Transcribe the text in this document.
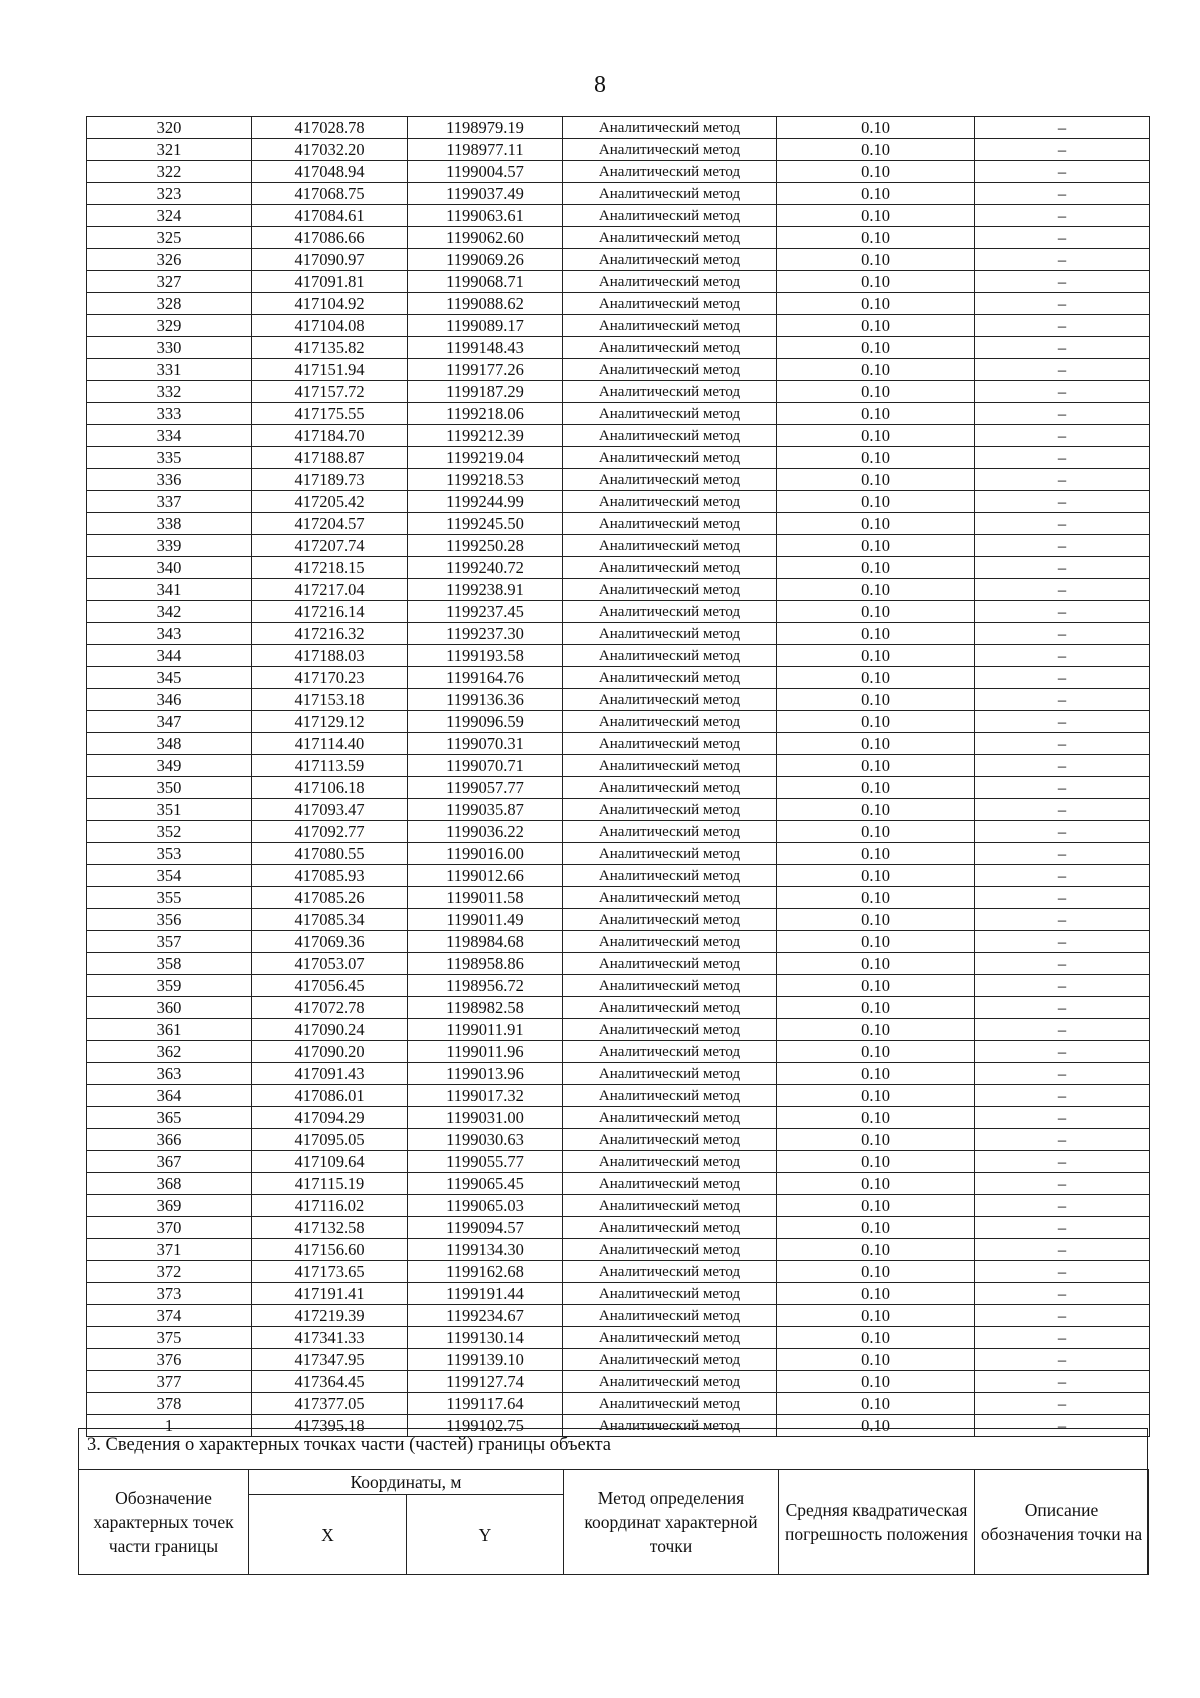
8
320	417028.78	1198979.19	Аналитический метод	0.10	–
321	417032.20	1198977.11	Аналитический метод	0.10	–
322	417048.94	1199004.57	Аналитический метод	0.10	–
323	417068.75	1199037.49	Аналитический метод	0.10	–
324	417084.61	1199063.61	Аналитический метод	0.10	–
325	417086.66	1199062.60	Аналитический метод	0.10	–
326	417090.97	1199069.26	Аналитический метод	0.10	–
327	417091.81	1199068.71	Аналитический метод	0.10	–
328	417104.92	1199088.62	Аналитический метод	0.10	–
329	417104.08	1199089.17	Аналитический метод	0.10	–
330	417135.82	1199148.43	Аналитический метод	0.10	–
331	417151.94	1199177.26	Аналитический метод	0.10	–
332	417157.72	1199187.29	Аналитический метод	0.10	–
333	417175.55	1199218.06	Аналитический метод	0.10	–
334	417184.70	1199212.39	Аналитический метод	0.10	–
335	417188.87	1199219.04	Аналитический метод	0.10	–
336	417189.73	1199218.53	Аналитический метод	0.10	–
337	417205.42	1199244.99	Аналитический метод	0.10	–
338	417204.57	1199245.50	Аналитический метод	0.10	–
339	417207.74	1199250.28	Аналитический метод	0.10	–
340	417218.15	1199240.72	Аналитический метод	0.10	–
341	417217.04	1199238.91	Аналитический метод	0.10	–
342	417216.14	1199237.45	Аналитический метод	0.10	–
343	417216.32	1199237.30	Аналитический метод	0.10	–
344	417188.03	1199193.58	Аналитический метод	0.10	–
345	417170.23	1199164.76	Аналитический метод	0.10	–
346	417153.18	1199136.36	Аналитический метод	0.10	–
347	417129.12	1199096.59	Аналитический метод	0.10	–
348	417114.40	1199070.31	Аналитический метод	0.10	–
349	417113.59	1199070.71	Аналитический метод	0.10	–
350	417106.18	1199057.77	Аналитический метод	0.10	–
351	417093.47	1199035.87	Аналитический метод	0.10	–
352	417092.77	1199036.22	Аналитический метод	0.10	–
353	417080.55	1199016.00	Аналитический метод	0.10	–
354	417085.93	1199012.66	Аналитический метод	0.10	–
355	417085.26	1199011.58	Аналитический метод	0.10	–
356	417085.34	1199011.49	Аналитический метод	0.10	–
357	417069.36	1198984.68	Аналитический метод	0.10	–
358	417053.07	1198958.86	Аналитический метод	0.10	–
359	417056.45	1198956.72	Аналитический метод	0.10	–
360	417072.78	1198982.58	Аналитический метод	0.10	–
361	417090.24	1199011.91	Аналитический метод	0.10	–
362	417090.20	1199011.96	Аналитический метод	0.10	–
363	417091.43	1199013.96	Аналитический метод	0.10	–
364	417086.01	1199017.32	Аналитический метод	0.10	–
365	417094.29	1199031.00	Аналитический метод	0.10	–
366	417095.05	1199030.63	Аналитический метод	0.10	–
367	417109.64	1199055.77	Аналитический метод	0.10	–
368	417115.19	1199065.45	Аналитический метод	0.10	–
369	417116.02	1199065.03	Аналитический метод	0.10	–
370	417132.58	1199094.57	Аналитический метод	0.10	–
371	417156.60	1199134.30	Аналитический метод	0.10	–
372	417173.65	1199162.68	Аналитический метод	0.10	–
373	417191.41	1199191.44	Аналитический метод	0.10	–
374	417219.39	1199234.67	Аналитический метод	0.10	–
375	417341.33	1199130.14	Аналитический метод	0.10	–
376	417347.95	1199139.10	Аналитический метод	0.10	–
377	417364.45	1199127.74	Аналитический метод	0.10	–
378	417377.05	1199117.64	Аналитический метод	0.10	–
1	417395.18	1199102.75	Аналитический метод	0.10	–
3. Сведения о характерных точках части (частей) границы объекта
Обозначение характерных точек части границы	Координаты, м		Метод определения координат характерной точки	Средняя квадратическая погрешность положения	Описание обозначения точки на
	X	Y			
